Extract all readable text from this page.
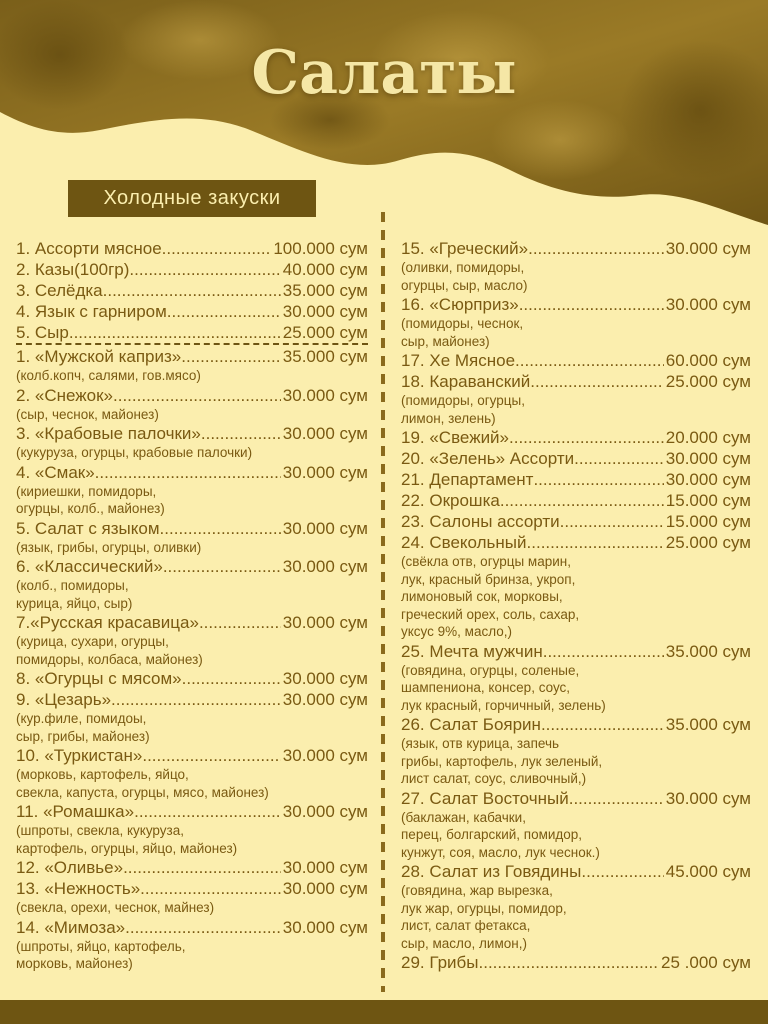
Салаты
Холодные закуски
1. Ассорти мясное .....	100.000 сум
2. Казы(100гр) .....	40.000 сум
3. Селёдка .....	35.000 сум
4. Язык с гарниром .....	30.000 сум
5. Сыр .....	25.000 сум
1. «Мужской каприз» .....	35.000 сум
(колб.копч, салями, гов.мясо)
2. «Снежок» .....	30.000 сум
(сыр, чеснок, майонез)
3. «Крабовые палочки» .....	30.000 сум
(кукуруза, огурцы, крабовые палочки)
4. «Смак» .....	30.000 сум
(кириешки, помидоры,
огурцы, колб., майонез)
5. Салат с языком .....	30.000 сум
(язык, грибы, огурцы, оливки)
6. «Классический» .....	30.000 сум
(колб., помидоры,
курица, яйцо, сыр)
7.«Русская красавица»... .....	30.000 сум
(курица, сухари, огурцы,
помидоры, колбаса, майонез)
8. «Огурцы с мясом» .....	30.000 сум
9. «Цезарь» .....	30.000 сум
(кур.филе, помидоы,
сыр, грибы, майонез)
10. «Туркистан» .....	30.000 сум
(морковь, картофель, яйцо,
свекла, капуста, огурцы, мясо, майонез)
11. «Ромашка» .....	30.000 сум
(шпроты, свекла, кукуруза,
картофель, огурцы, яйцо, майонез)
12. «Оливье» .....	30.000 сум
13. «Нежность» .....	30.000 сум
(свекла, орехи, чеснок, майнез)
14. «Мимоза» .....	30.000 сум
(шпроты, яйцо, картофель,
морковь, майонез)
15. «Греческий» .....	30.000 сум
(оливки, помидоры,
огурцы, сыр, масло)
16. «Сюрприз» .....	30.000 сум
(помидоры, чеснок,
сыр, майонез)
17. Хе Мясное .....	60.000 сум
18. Караванский .....	25.000 сум
(помидоры, огурцы,
лимон, зелень)
19. «Свежий» .....	20.000 сум
20. «Зелень» Ассорти .....	30.000 сум
21. Департамент .....	30.000 сум
22. Окрошка .....	15.000 сум
23. Салоны ассорти .....	15.000 сум
24. Свекольный .....	25.000 сум
(свёкла отв, огурцы марин,
лук, красный бринза, укроп,
лимоновый сок, морковы,
греческий орех, соль, сахар,
уксус 9%, масло,)
25. Мечта мужчин .....	35.000 сум
(говядина, огурцы, соленые,
шампениона, консер, соус,
лук красный, горчичный, зелень)
26. Салат Боярин .....	35.000 сум
(язык, отв курица, запечь
грибы, картофель, лук зеленый,
лист салат, соус, сливочный,)
27. Салат Восточный .....	30.000 сум
(баклажан, кабачки,
перец, болгарский, помидор,
кунжут, соя, масло, лук чеснок.)
28. Салат из Говядины .....	45.000 сум
(говядина, жар вырезка,
лук жар, огурцы, помидор,
лист, салат фетакса,
сыр, масло, лимон,)
29. Грибы .....	25 .000 сум
